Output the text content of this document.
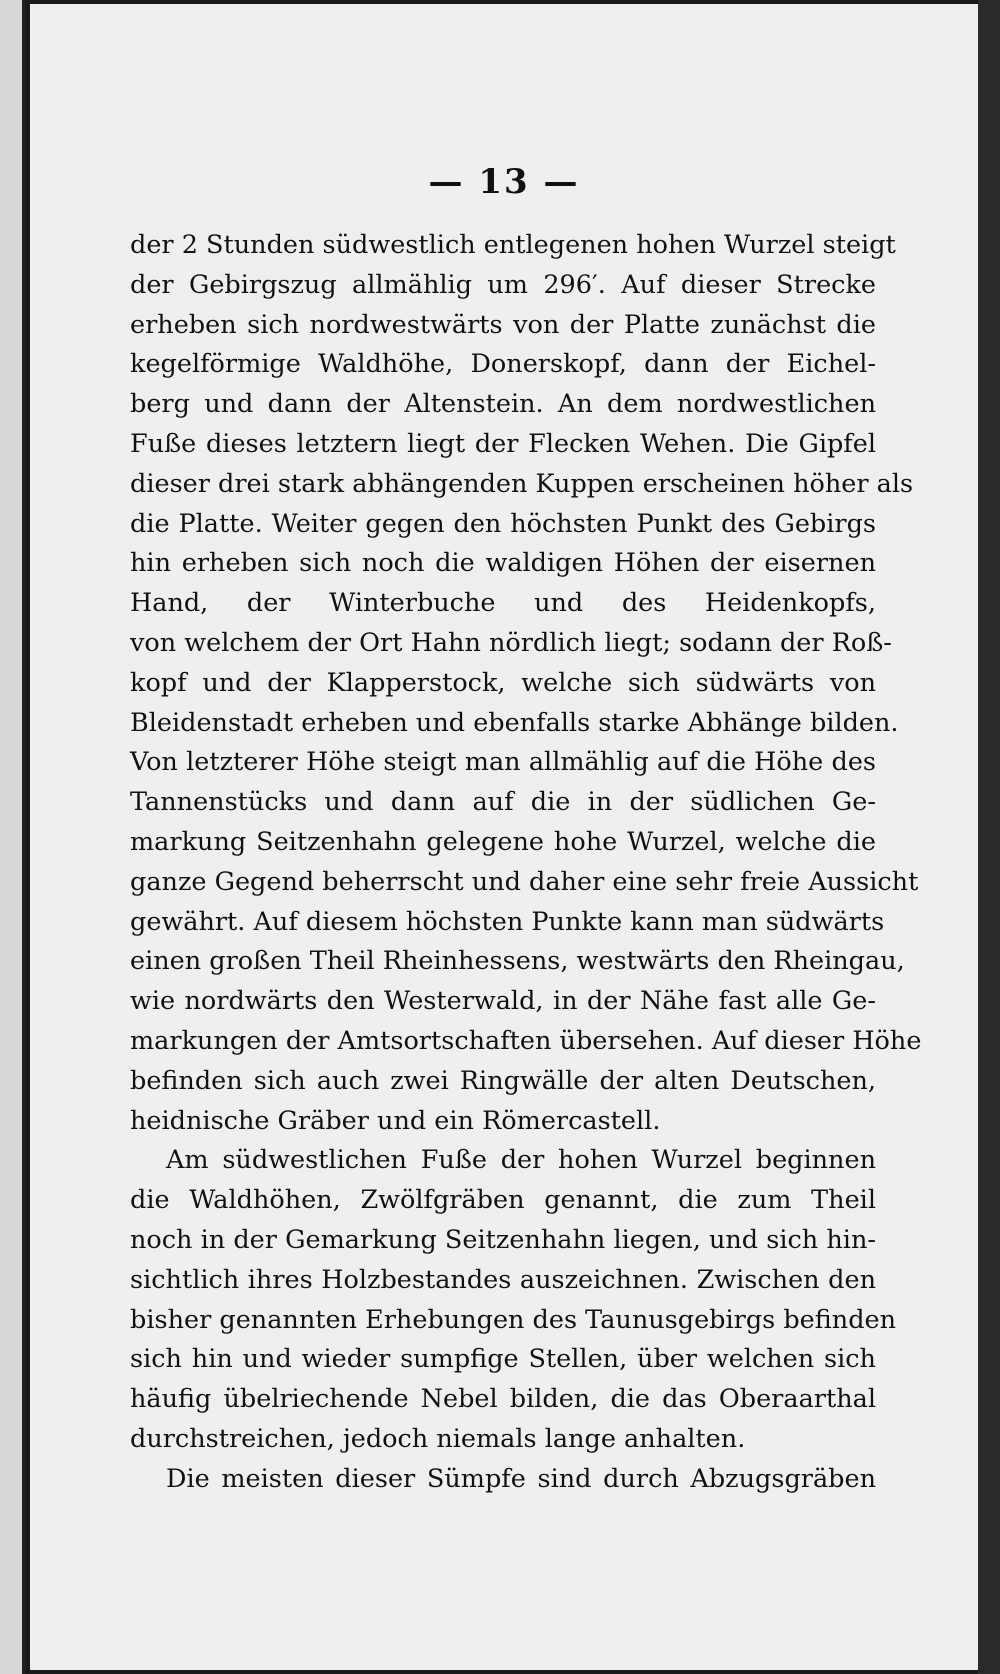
— 13 —
der 2 Stunden südwestlich entlegenen hohen Wurzel steigt
der Gebirgszug allmählig um 296′. Auf dieser Strecke
erheben sich nordwestwärts von der Platte zunächst die
kegelförmige Waldhöhe, Donerskopf, dann der Eichel-
berg und dann der Altenstein. An dem nordwestlichen
Fuße dieses letztern liegt der Flecken Wehen. Die Gipfel
dieser drei stark abhängenden Kuppen erscheinen höher als
die Platte. Weiter gegen den höchsten Punkt des Gebirgs
hin erheben sich noch die waldigen Höhen der eisernen
Hand, der Winterbuche und des Heidenkopfs,
von welchem der Ort Hahn nördlich liegt; sodann der Roß-
kopf und der Klapperstock, welche sich südwärts von
Bleidenstadt erheben und ebenfalls starke Abhänge bilden.
Von letzterer Höhe steigt man allmählig auf die Höhe des
Tannenstücks und dann auf die in der südlichen Ge-
markung Seitzenhahn gelegene hohe Wurzel, welche die
ganze Gegend beherrscht und daher eine sehr freie Aussicht
gewährt. Auf diesem höchsten Punkte kann man südwärts
einen großen Theil Rheinhessens, westwärts den Rheingau,
wie nordwärts den Westerwald, in der Nähe fast alle Ge-
markungen der Amtsortschaften übersehen. Auf dieser Höhe
befinden sich auch zwei Ringwälle der alten Deutschen,
heidnische Gräber und ein Römercastell.
Am südwestlichen Fuße der hohen Wurzel beginnen
die Waldhöhen, Zwölfgräben genannt, die zum Theil
noch in der Gemarkung Seitzenhahn liegen, und sich hin-
sichtlich ihres Holzbestandes auszeichnen. Zwischen den
bisher genannten Erhebungen des Taunusgebirgs befinden
sich hin und wieder sumpfige Stellen, über welchen sich
häufig übelriechende Nebel bilden, die das Oberaarthal
durchstreichen, jedoch niemals lange anhalten.
Die meisten dieser Sümpfe sind durch Abzugsgräben
